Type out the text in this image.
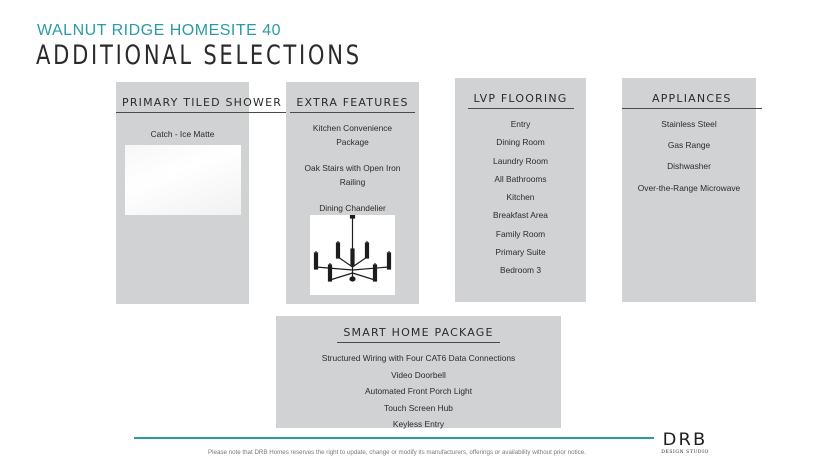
WALNUT RIDGE HOMESITE 40
ADDITIONAL SELECTIONS
PRIMARY TILED SHOWER
Catch - Ice Matte
EXTRA FEATURES
Kitchen Convenience Package
Oak Stairs with Open Iron Railing
Dining Chandelier
LVP FLOORING
Entry
Dining Room
Laundry Room
All Bathrooms
Kitchen
Breakfast Area
Family Room
Primary Suite
Bedroom 3
APPLIANCES
Stainless Steel
Gas Range
Dishwasher
Over-the-Range Microwave
SMART HOME PACKAGE
Structured Wiring with Four CAT6 Data Connections
Video Doorbell
Automated Front Porch Light
Touch Screen Hub
Keyless Entry
Please note that DRB Homes reserves the right to update, change or modify its manufacturers, offerings or availability without prior notice.
DRB
DESIGN STUDIO
